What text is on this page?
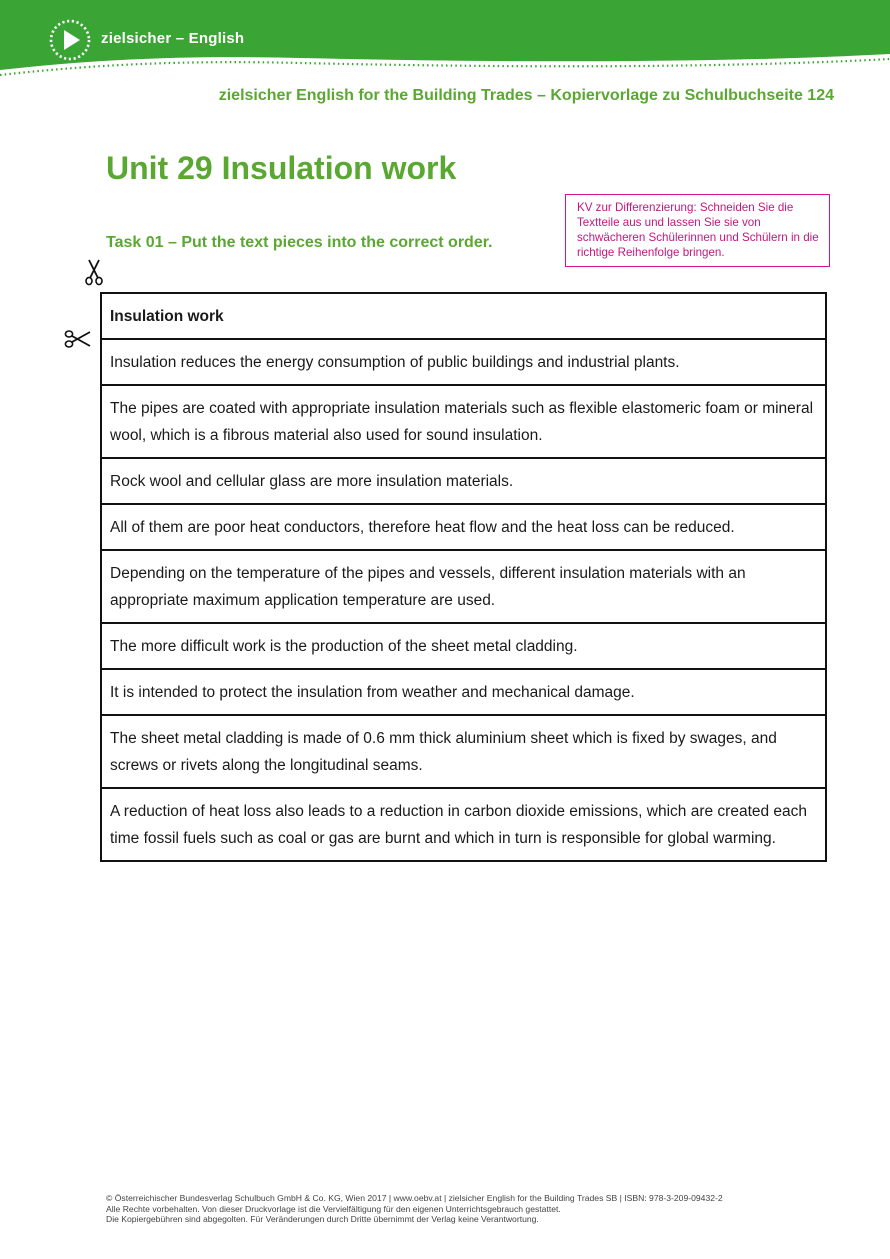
zielsicher – English
zielsicher English for the Building Trades – Kopiervorlage zu Schulbuchseite 124
Unit 29 Insulation work
KV zur Differenzierung: Schneiden Sie die Textteile aus und lassen Sie sie von schwächeren Schülerinnen und Schülern in die richtige Reihenfolge bringen.
Task 01 – Put the text pieces into the correct order.
Insulation work
Insulation reduces the energy consumption of public buildings and industrial plants.
The pipes are coated with appropriate insulation materials such as flexible elastomeric foam or mineral wool, which is a fibrous material also used for sound insulation.
Rock wool and cellular glass are more insulation materials.
All of them are poor heat conductors, therefore heat flow and the heat loss can be reduced.
Depending on the temperature of the pipes and vessels, different insulation materials with an appropriate maximum application temperature are used.
The more difficult work is the production of the sheet metal cladding.
It is intended to protect the insulation from weather and mechanical damage.
The sheet metal cladding is made of 0.6 mm thick aluminium sheet which is fixed by swages, and screws or rivets along the longitudinal seams.
A reduction of heat loss also leads to a reduction in carbon dioxide emissions, which are created each time fossil fuels such as coal or gas are burnt and which in turn is responsible for global warming.
© Österreichischer Bundesverlag Schulbuch GmbH & Co. KG, Wien 2017 | www.oebv.at | zielsicher English for the Building Trades SB | ISBN: 978-3-209-09432-2
Alle Rechte vorbehalten. Von dieser Druckvorlage ist die Vervielfältigung für den eigenen Unterrichtsgebrauch gestattet.
Die Kopiergebühren sind abgegolten. Für Veränderungen durch Dritte übernimmt der Verlag keine Verantwortung.
